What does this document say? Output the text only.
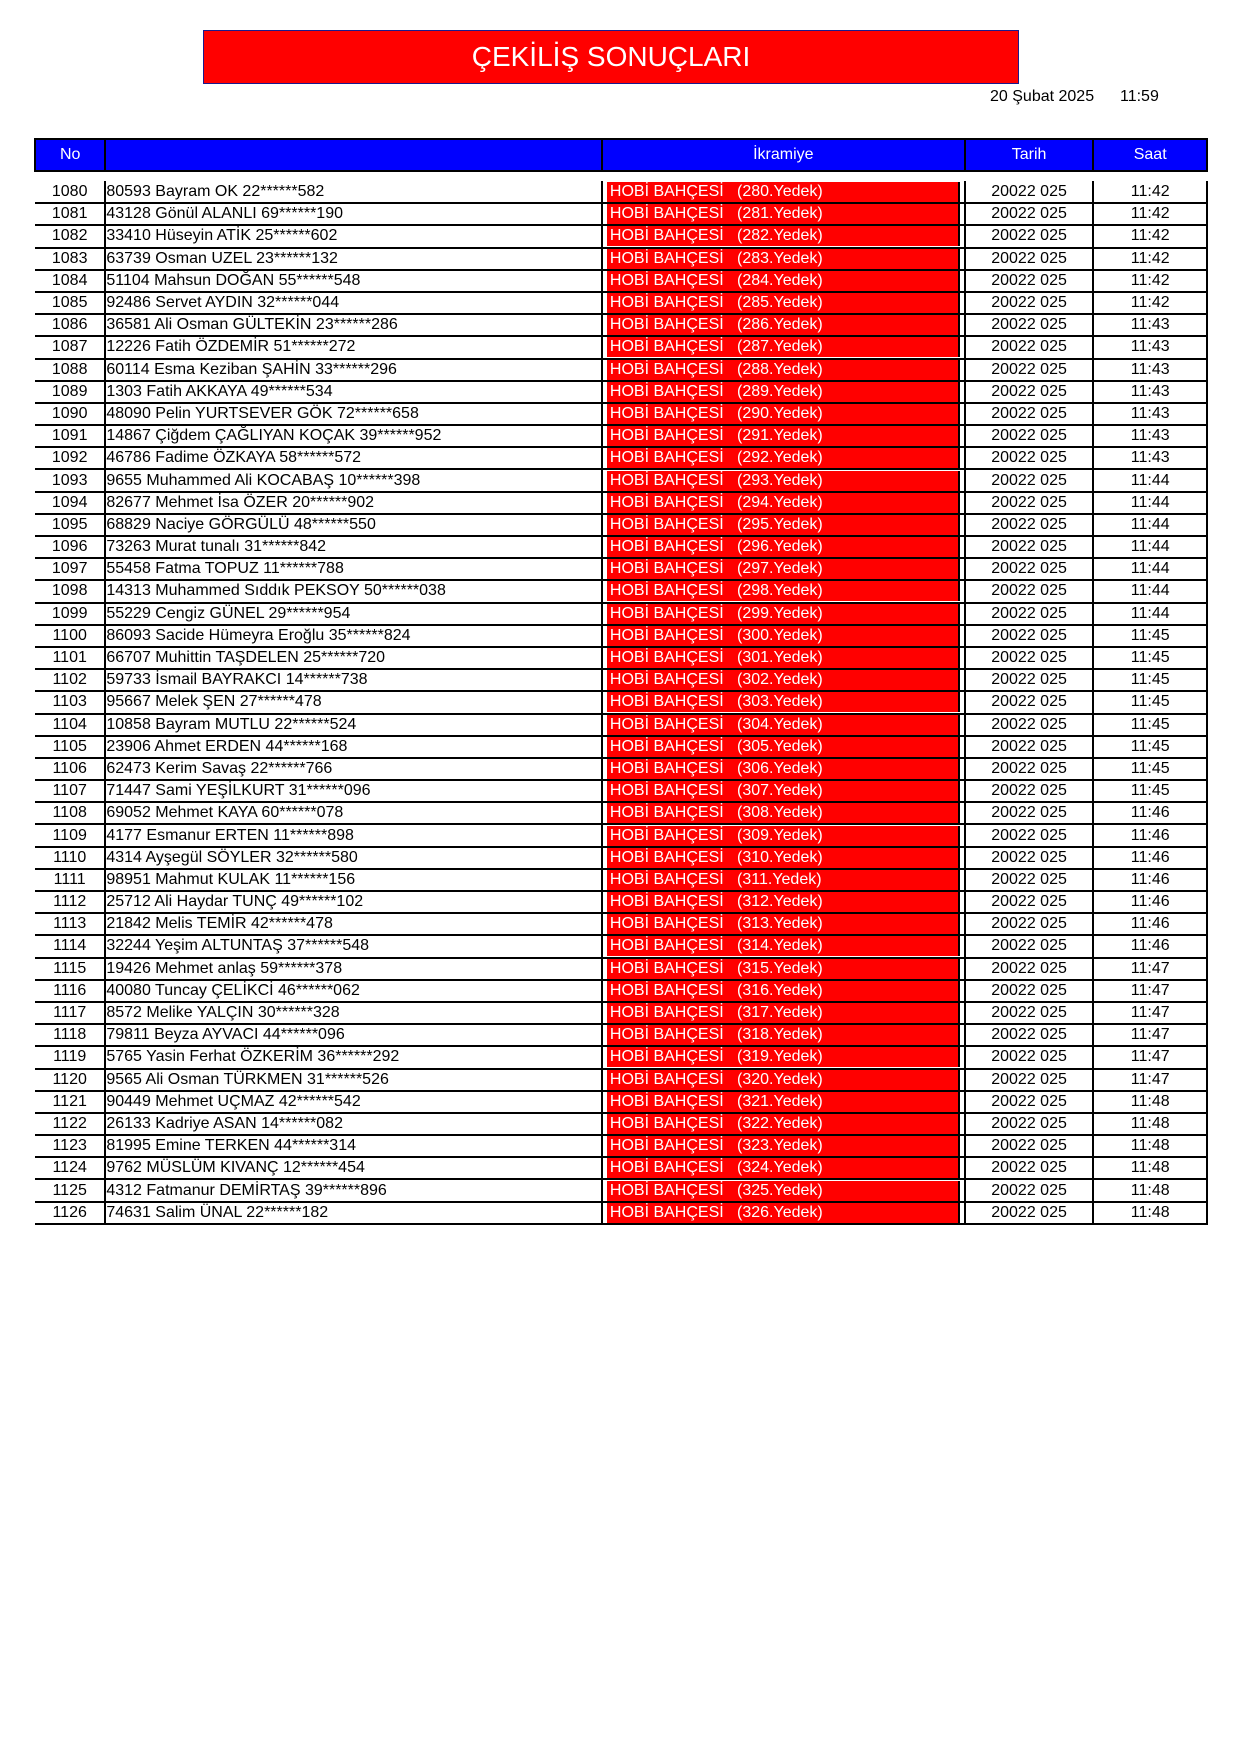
ÇEKİLİŞ SONUÇLARI
20 Şubat 2025 11:59
No		İkramiye	Tarih	Saat

1080	80593 Bayram OK 22******582	HOBİ BAHÇESİ   (280.Yedek)	20022 025	11:42
1081	43128 Gönül ALANLI 69******190	HOBİ BAHÇESİ   (281.Yedek)	20022 025	11:42
1082	33410 Hüseyin ATİK 25******602	HOBİ BAHÇESİ   (282.Yedek)	20022 025	11:42
1083	63739 Osman UZEL 23******132	HOBİ BAHÇESİ   (283.Yedek)	20022 025	11:42
1084	51104 Mahsun DOĞAN 55******548	HOBİ BAHÇESİ   (284.Yedek)	20022 025	11:42
1085	92486 Servet AYDIN 32******044	HOBİ BAHÇESİ   (285.Yedek)	20022 025	11:42
1086	36581 Ali Osman GÜLTEKİN 23******286	HOBİ BAHÇESİ   (286.Yedek)	20022 025	11:43
1087	12226 Fatih ÖZDEMİR 51******272	HOBİ BAHÇESİ   (287.Yedek)	20022 025	11:43
1088	60114 Esma Keziban ŞAHİN 33******296	HOBİ BAHÇESİ   (288.Yedek)	20022 025	11:43
1089	1303 Fatih AKKAYA 49******534	HOBİ BAHÇESİ   (289.Yedek)	20022 025	11:43
1090	48090 Pelin YURTSEVER GÖK 72******658	HOBİ BAHÇESİ   (290.Yedek)	20022 025	11:43
1091	14867 Çiğdem ÇAĞLIYAN KOÇAK 39******952	HOBİ BAHÇESİ   (291.Yedek)	20022 025	11:43
1092	46786 Fadime ÖZKAYA 58******572	HOBİ BAHÇESİ   (292.Yedek)	20022 025	11:43
1093	9655 Muhammed Ali KOCABAŞ 10******398	HOBİ BAHÇESİ   (293.Yedek)	20022 025	11:44
1094	82677 Mehmet İsa ÖZER 20******902	HOBİ BAHÇESİ   (294.Yedek)	20022 025	11:44
1095	68829 Naciye GÖRGÜLÜ 48******550	HOBİ BAHÇESİ   (295.Yedek)	20022 025	11:44
1096	73263 Murat tunalı 31******842	HOBİ BAHÇESİ   (296.Yedek)	20022 025	11:44
1097	55458 Fatma TOPUZ 11******788	HOBİ BAHÇESİ   (297.Yedek)	20022 025	11:44
1098	14313 Muhammed Sıddık PEKSOY 50******038	HOBİ BAHÇESİ   (298.Yedek)	20022 025	11:44
1099	55229 Cengiz GÜNEL 29******954	HOBİ BAHÇESİ   (299.Yedek)	20022 025	11:44
1100	86093 Sacide Hümeyra Eroğlu 35******824	HOBİ BAHÇESİ   (300.Yedek)	20022 025	11:45
1101	66707 Muhittin TAŞDELEN 25******720	HOBİ BAHÇESİ   (301.Yedek)	20022 025	11:45
1102	59733 İsmail BAYRAKCI 14******738	HOBİ BAHÇESİ   (302.Yedek)	20022 025	11:45
1103	95667 Melek ŞEN 27******478	HOBİ BAHÇESİ   (303.Yedek)	20022 025	11:45
1104	10858 Bayram MUTLU 22******524	HOBİ BAHÇESİ   (304.Yedek)	20022 025	11:45
1105	23906 Ahmet ERDEN 44******168	HOBİ BAHÇESİ   (305.Yedek)	20022 025	11:45
1106	62473 Kerim Savaş 22******766	HOBİ BAHÇESİ   (306.Yedek)	20022 025	11:45
1107	71447 Sami YEŞİLKURT 31******096	HOBİ BAHÇESİ   (307.Yedek)	20022 025	11:45
1108	69052 Mehmet KAYA 60******078	HOBİ BAHÇESİ   (308.Yedek)	20022 025	11:46
1109	4177 Esmanur ERTEN 11******898	HOBİ BAHÇESİ   (309.Yedek)	20022 025	11:46
1110	4314 Ayşegül SÖYLER 32******580	HOBİ BAHÇESİ   (310.Yedek)	20022 025	11:46
1111	98951 Mahmut KULAK 11******156	HOBİ BAHÇESİ   (311.Yedek)	20022 025	11:46
1112	25712 Ali Haydar TUNÇ 49******102	HOBİ BAHÇESİ   (312.Yedek)	20022 025	11:46
1113	21842 Melis TEMİR 42******478	HOBİ BAHÇESİ   (313.Yedek)	20022 025	11:46
1114	32244 Yeşim ALTUNTAŞ 37******548	HOBİ BAHÇESİ   (314.Yedek)	20022 025	11:46
1115	19426 Mehmet anlaş 59******378	HOBİ BAHÇESİ   (315.Yedek)	20022 025	11:47
1116	40080 Tuncay ÇELİKCİ 46******062	HOBİ BAHÇESİ   (316.Yedek)	20022 025	11:47
1117	8572 Melike YALÇIN 30******328	HOBİ BAHÇESİ   (317.Yedek)	20022 025	11:47
1118	79811 Beyza AYVACI 44******096	HOBİ BAHÇESİ   (318.Yedek)	20022 025	11:47
1119	5765 Yasin Ferhat ÖZKERİM 36******292	HOBİ BAHÇESİ   (319.Yedek)	20022 025	11:47
1120	9565 Ali Osman TÜRKMEN 31******526	HOBİ BAHÇESİ   (320.Yedek)	20022 025	11:47
1121	90449 Mehmet UÇMAZ 42******542	HOBİ BAHÇESİ   (321.Yedek)	20022 025	11:48
1122	26133 Kadriye ASAN 14******082	HOBİ BAHÇESİ   (322.Yedek)	20022 025	11:48
1123	81995 Emine TERKEN 44******314	HOBİ BAHÇESİ   (323.Yedek)	20022 025	11:48
1124	9762 MÜSLÜM KIVANÇ 12******454	HOBİ BAHÇESİ   (324.Yedek)	20022 025	11:48
1125	4312 Fatmanur DEMİRTAŞ 39******896	HOBİ BAHÇESİ   (325.Yedek)	20022 025	11:48
1126	74631 Salim ÜNAL 22******182	HOBİ BAHÇESİ   (326.Yedek)	20022 025	11:48
